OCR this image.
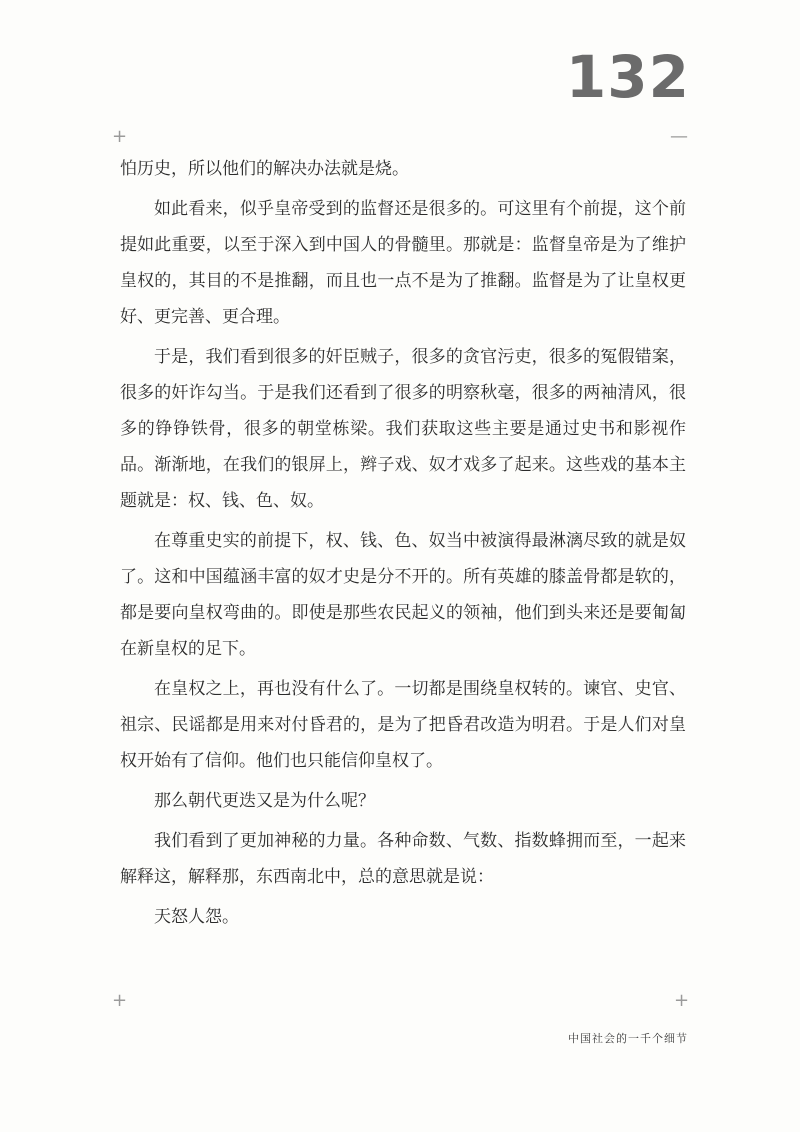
132
+	—
+	+

怕历史，所以他们的解决办法就是烧。

如此看来，似乎皇帝受到的监督还是很多的。可这里有个前提，这个前提如此重要，以至于深入到中国人的骨髓里。那就是：监督皇帝是为了维护皇权的，其目的不是推翻，而且也一点不是为了推翻。监督是为了让皇权更好、更完善、更合理。

于是，我们看到很多的奸臣贼子，很多的贪官污吏，很多的冤假错案，很多的奸诈勾当。于是我们还看到了很多的明察秋毫，很多的两袖清风，很多的铮铮铁骨，很多的朝堂栋梁。我们获取这些主要是通过史书和影视作品。渐渐地，在我们的银屏上，辫子戏、奴才戏多了起来。这些戏的基本主题就是：权、钱、色、奴。

在尊重史实的前提下，权、钱、色、奴当中被演得最淋漓尽致的就是奴了。这和中国蕴涵丰富的奴才史是分不开的。所有英雄的膝盖骨都是软的，都是要向皇权弯曲的。即使是那些农民起义的领袖，他们到头来还是要匍匐在新皇权的足下。

在皇权之上，再也没有什么了。一切都是围绕皇权转的。谏官、史官、祖宗、民谣都是用来对付昏君的，是为了把昏君改造为明君。于是人们对皇权开始有了信仰。他们也只能信仰皇权了。

那么朝代更迭又是为什么呢？

我们看到了更加神秘的力量。各种命数、气数、指数蜂拥而至，一起来解释这，解释那，东西南北中，总的意思就是说：

天怒人怨。

中国社会的一千个细节
